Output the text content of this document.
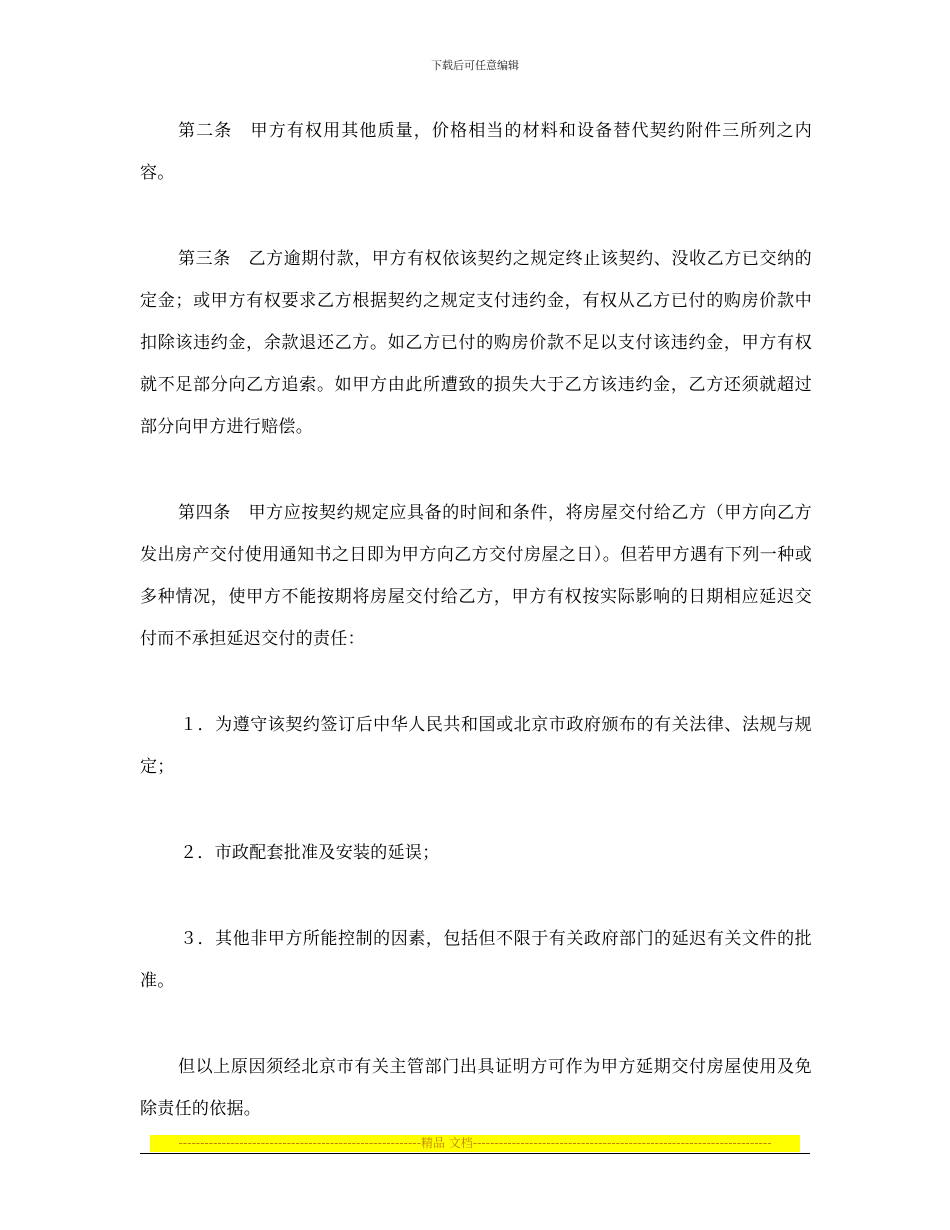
下载后可任意编辑

第二条　甲方有权用其他质量，价格相当的材料和设备替代契约附件三所列之内容。

第三条　乙方逾期付款，甲方有权依该契约之规定终止该契约、没收乙方已交纳的定金；或甲方有权要求乙方根据契约之规定支付违约金，有权从乙方已付的购房价款中扣除该违约金，余款退还乙方。如乙方已付的购房价款不足以支付该违约金，甲方有权就不足部分向乙方追索。如甲方由此所遭致的损失大于乙方该违约金，乙方还须就超过部分向甲方进行赔偿。

第四条　甲方应按契约规定应具备的时间和条件，将房屋交付给乙方（甲方向乙方发出房产交付使用通知书之日即为甲方向乙方交付房屋之日）。但若甲方遇有下列一种或多种情况，使甲方不能按期将房屋交付给乙方，甲方有权按实际影响的日期相应延迟交付而不承担延迟交付的责任：

１．为遵守该契约签订后中华人民共和国或北京市政府颁布的有关法律、法规与规定；

２．市政配套批准及安装的延误；

３．其他非甲方所能控制的因素，包括但不限于有关政府部门的延迟有关文件的批准。

但以上原因须经北京市有关主管部门出具证明方可作为甲方延期交付房屋使用及免除责任的依据。

--------------------------------------------------------精品 文档---------------------------------------------------------------------
